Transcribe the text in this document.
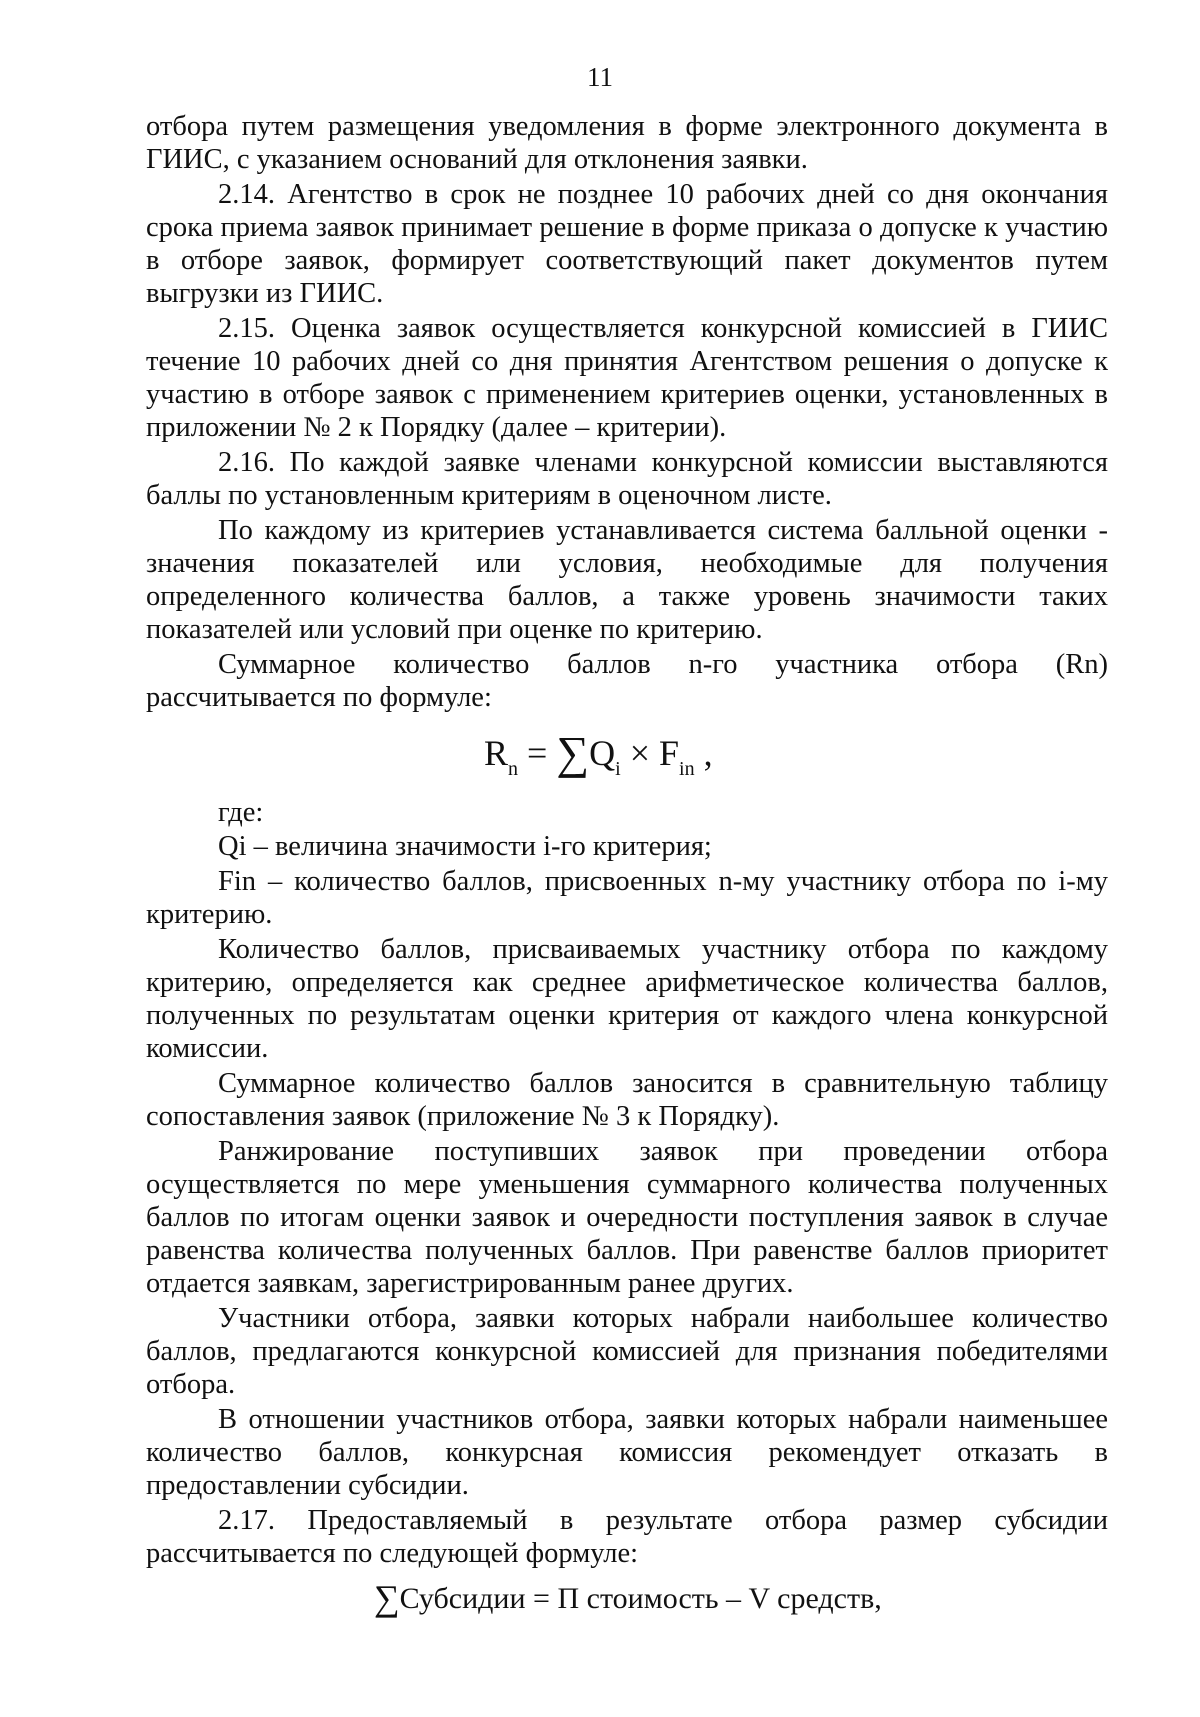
11

отбора путем размещения уведомления в форме электронного документа в ГИИС, с указанием оснований для отклонения заявки.

2.14. Агентство в срок не позднее 10 рабочих дней со дня окончания срока приема заявок принимает решение в форме приказа о допуске к участию в отборе заявок, формирует соответствующий пакет документов путем выгрузки из ГИИС.

2.15. Оценка заявок осуществляется конкурсной комиссией в ГИИС течение 10 рабочих дней со дня принятия Агентством решения о допуске к участию в отборе заявок с применением критериев оценки, установленных в приложении № 2 к Порядку (далее – критерии).

2.16. По каждой заявке членами конкурсной комиссии выставляются баллы по установленным критериям в оценочном листе.

По каждому из критериев устанавливается система балльной оценки - значения показателей или условия, необходимые для получения определенного количества баллов, а также уровень значимости таких показателей или условий при оценке по критерию.

Суммарное количество баллов n-го участника отбора (Rn) рассчитывается по формуле:

$R_n = \sum Q_i \times F_{in}$ ,

где:

Qi – величина значимости i-го критерия;

Fin – количество баллов, присвоенных n-му участнику отбора по i-му критерию.

Количество баллов, присваиваемых участнику отбора по каждому критерию, определяется как среднее арифметическое количества баллов, полученных по результатам оценки критерия от каждого члена конкурсной комиссии.

Суммарное количество баллов заносится в сравнительную таблицу сопоставления заявок (приложение № 3 к Порядку).

Ранжирование поступивших заявок при проведении отбора осуществляется по мере уменьшения суммарного количества полученных баллов по итогам оценки заявок и очередности поступления заявок в случае равенства количества полученных баллов. При равенстве баллов приоритет отдается заявкам, зарегистрированным ранее других.

Участники отбора, заявки которых набрали наибольшее количество баллов, предлагаются конкурсной комиссией для признания победителями отбора.

В отношении участников отбора, заявки которых набрали наименьшее количество баллов, конкурсная комиссия рекомендует отказать в предоставлении субсидии.

2.17. Предоставляемый в результате отбора размер субсидии рассчитывается по следующей формуле:

∑Субсидии = П стоимость – V средств,
